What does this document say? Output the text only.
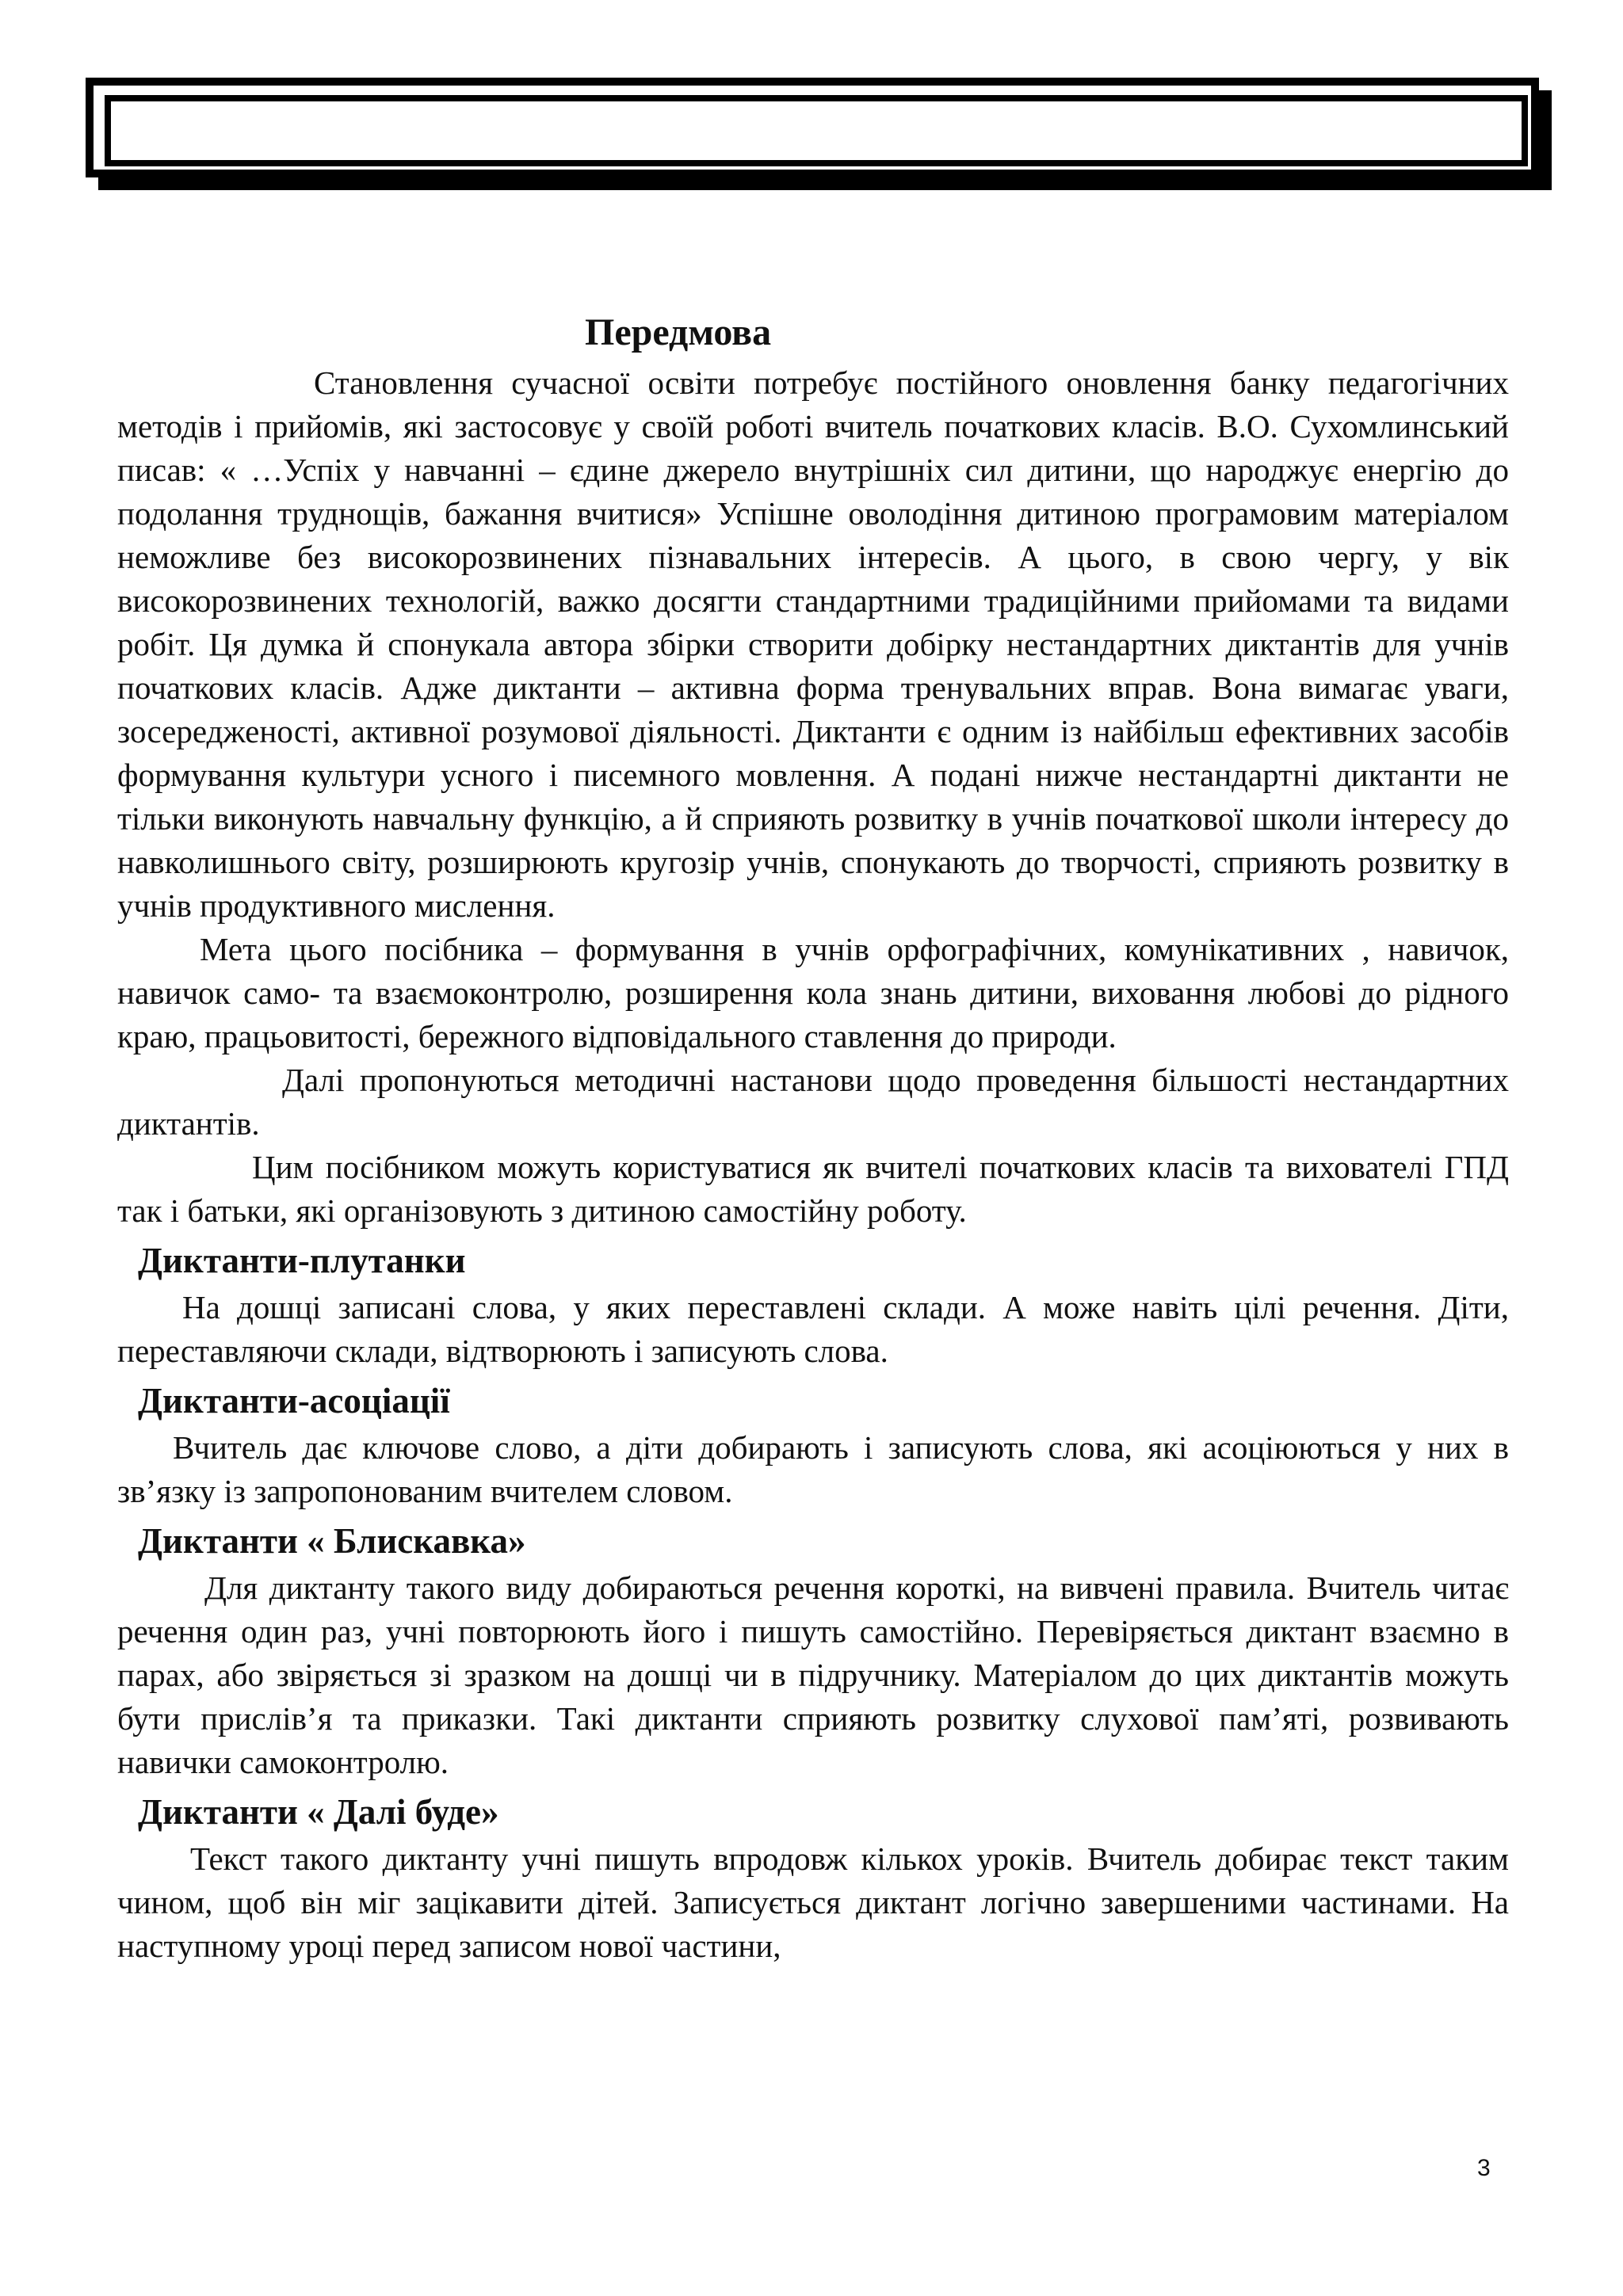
Передмова

Становлення сучасної освіти потребує постійного оновлення банку педагогічних методів і прийомів, які застосовує у своїй роботі вчитель початкових класів. В.О. Сухомлинський писав: « …Успіх у навчанні – єдине джерело внутрішніх сил дитини, що народжує енергію до подолання труднощів, бажання вчитися» Успішне оволодіння дитиною програмовим матеріалом неможливе без високорозвинених пізнавальних інтересів. А цього, в свою чергу, у вік високорозвинених технологій, важко досягти стандартними традиційними прийомами та видами робіт. Ця думка й спонукала автора збірки створити добірку нестандартних диктантів для учнів початкових класів. Адже диктанти – активна форма тренувальних вправ. Вона вимагає уваги, зосередженості, активної розумової діяльності. Диктанти є одним із найбільш ефективних засобів формування культури усного і писемного мовлення. А подані нижче нестандартні диктанти не тільки виконують навчальну функцію, а й сприяють розвитку в учнів початкової школи інтересу до навколишнього світу, розширюють кругозір учнів, спонукають до творчості, сприяють розвитку в учнів продуктивного мислення.

Мета цього посібника – формування в учнів орфографічних, комунікативних , навичок, навичок само- та взаємоконтролю, розширення кола знань дитини, виховання любові до рідного краю, працьовитості, бережного відповідального ставлення до природи.

Далі пропонуються методичні настанови щодо проведення більшості нестандартних диктантів.

Цим посібником можуть користуватися як вчителі початкових класів та вихователі ГПД так і батьки, які організовують з дитиною самостійну роботу.

Диктанти-плутанки

На дошці записані слова, у яких переставлені склади. А може навіть цілі речення. Діти, переставляючи склади, відтворюють і записують слова.

Диктанти-асоціації

Вчитель дає ключове слово, а діти добирають і записують слова, які асоціюються у них в зв’язку із запропонованим вчителем словом.

Диктанти « Блискавка»

Для диктанту такого виду добираються речення короткі, на вивчені правила. Вчитель читає речення один раз, учні повторюють його і пишуть самостійно. Перевіряється диктант взаємно в парах, або звіряється зі зразком на дошці чи в підручнику. Матеріалом до цих диктантів можуть бути прислів’я та приказки. Такі диктанти сприяють розвитку слухової пам’яті, розвивають навички самоконтролю.

Диктанти « Далі буде»

Текст такого диктанту учні пишуть впродовж кількох уроків. Вчитель добирає текст таким чином, щоб він міг зацікавити дітей. Записується диктант логічно завершеними частинами. На наступному уроці перед записом нової частини,

3
